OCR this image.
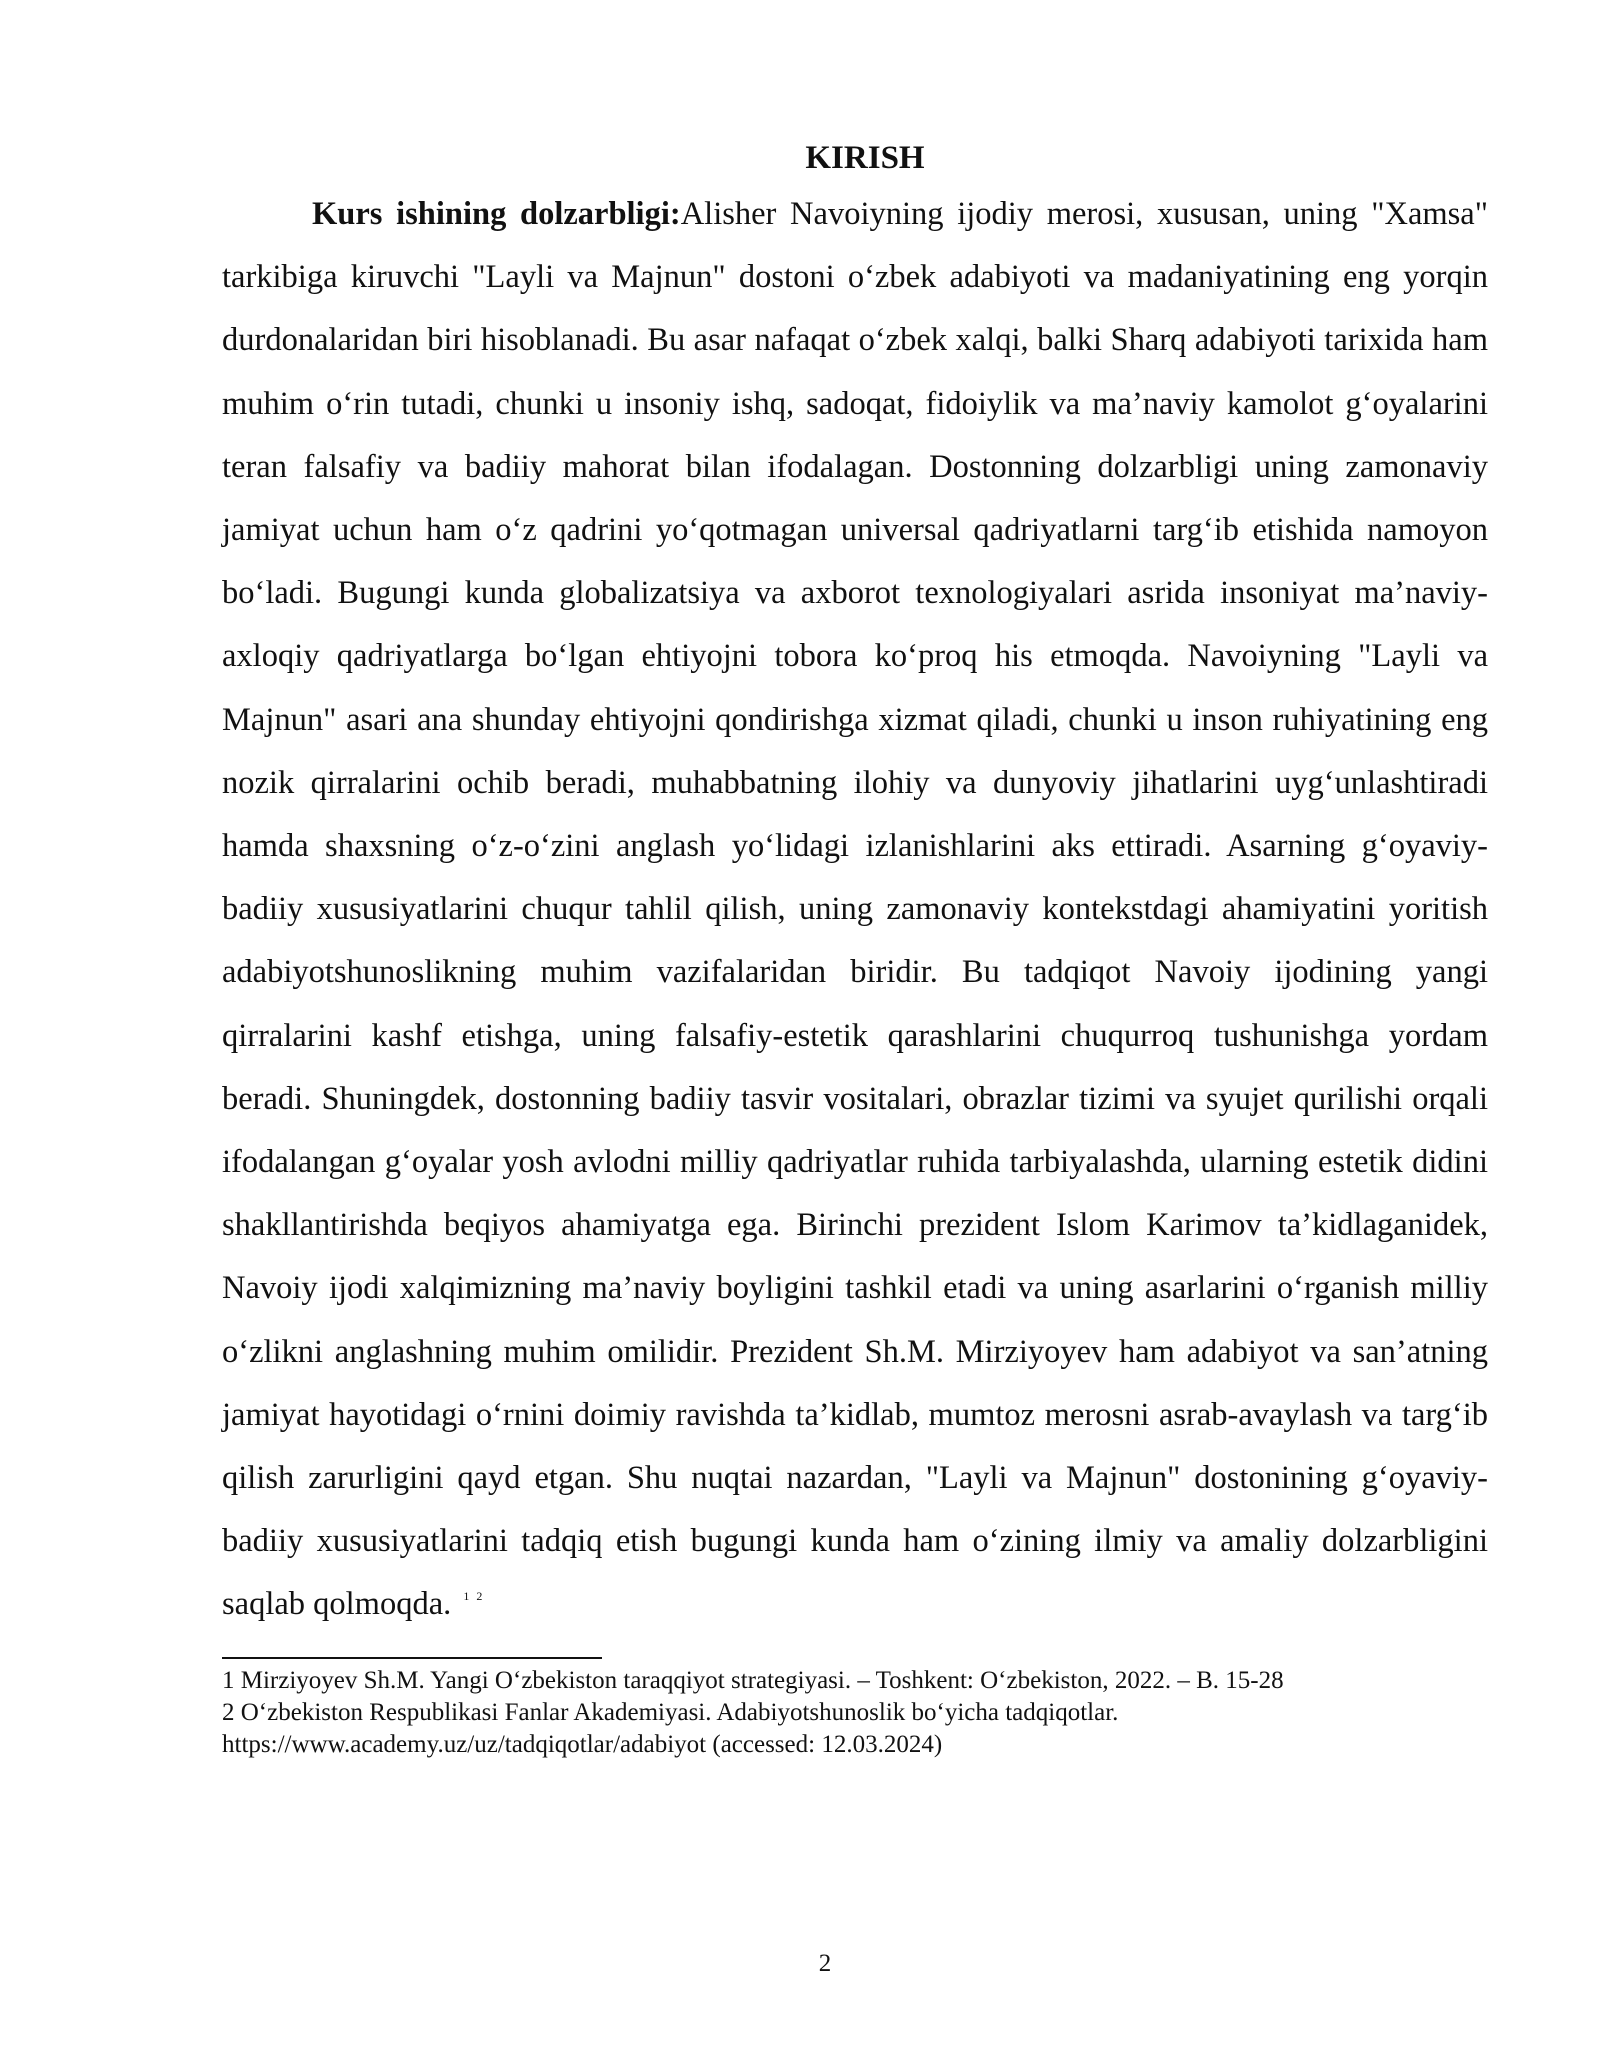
KIRISH

Kurs ishining dolzarbligi:Alisher Navoiyning ijodiy merosi, xususan, uning "Xamsa" tarkibiga kiruvchi "Layli va Majnun" dostoni o‘zbek adabiyoti va madaniyatining eng yorqin durdonalaridan biri hisoblanadi. Bu asar nafaqat o‘zbek xalqi, balki Sharq adabiyoti tarixida ham muhim o‘rin tutadi, chunki u insoniy ishq, sadoqat, fidoiylik va ma’naviy kamolot g‘oyalarini teran falsafiy va badiiy mahorat bilan ifodalagan. Dostonning dolzarbligi uning zamonaviy jamiyat uchun ham o‘z qadrini yo‘qotmagan universal qadriyatlarni targ‘ib etishida namoyon bo‘ladi. Bugungi kunda globalizatsiya va axborot texnologiyalari asrida insoniyat ma’naviy-axloqiy qadriyatlarga bo‘lgan ehtiyojni tobora ko‘proq his etmoqda. Navoiyning "Layli va Majnun" asari ana shunday ehtiyojni qondirishga xizmat qiladi, chunki u inson ruhiyatining eng nozik qirralarini ochib beradi, muhabbatning ilohiy va dunyoviy jihatlarini uyg‘unlashtiradi hamda shaxsning o‘z-o‘zini anglash yo‘lidagi izlanishlarini aks ettiradi. Asarning g‘oyaviy-badiiy xususiyatlarini chuqur tahlil qilish, uning zamonaviy kontekstdagi ahamiyatini yoritish adabiyotshunoslikning muhim vazifalaridan biridir. Bu tadqiqot Navoiy ijodining yangi qirralarini kashf etishga, uning falsafiy-estetik qarashlarini chuqurroq tushunishga yordam beradi. Shuningdek, dostonning badiiy tasvir vositalari, obrazlar tizimi va syujet qurilishi orqali ifodalangan g‘oyalar yosh avlodni milliy qadriyatlar ruhida tarbiyalashda, ularning estetik didini shakllantirishda beqiyos ahamiyatga ega. Birinchi prezident Islom Karimov ta’kidlaganidek, Navoiy ijodi xalqimizning ma’naviy boyligini tashkil etadi va uning asarlarini o‘rganish milliy o‘zlikni anglashning muhim omilidir. Prezident Sh.M. Mirziyoyev ham adabiyot va san’atning jamiyat hayotidagi o‘rnini doimiy ravishda ta’kidlab, mumtoz merosni asrab-avaylash va targ‘ib qilish zarurligini qayd etgan. Shu nuqtai nazardan, "Layli va Majnun" dostonining g‘oyaviy-badiiy xususiyatlarini tadqiq etish bugungi kunda ham o‘zining ilmiy va amaliy dolzarbligini saqlab qolmoqda. $^{1 2}$

1 Mirziyoyev Sh.M. Yangi O‘zbekiston taraqqiyot strategiyasi. – Toshkent: O‘zbekiston, 2022. – B. 15-28

2 O‘zbekiston Respublikasi Fanlar Akademiyasi. Adabiyotshunoslik bo‘yicha tadqiqotlar. https://www.academy.uz/uz/tadqiqotlar/adabiyot (accessed: 12.03.2024)

2
